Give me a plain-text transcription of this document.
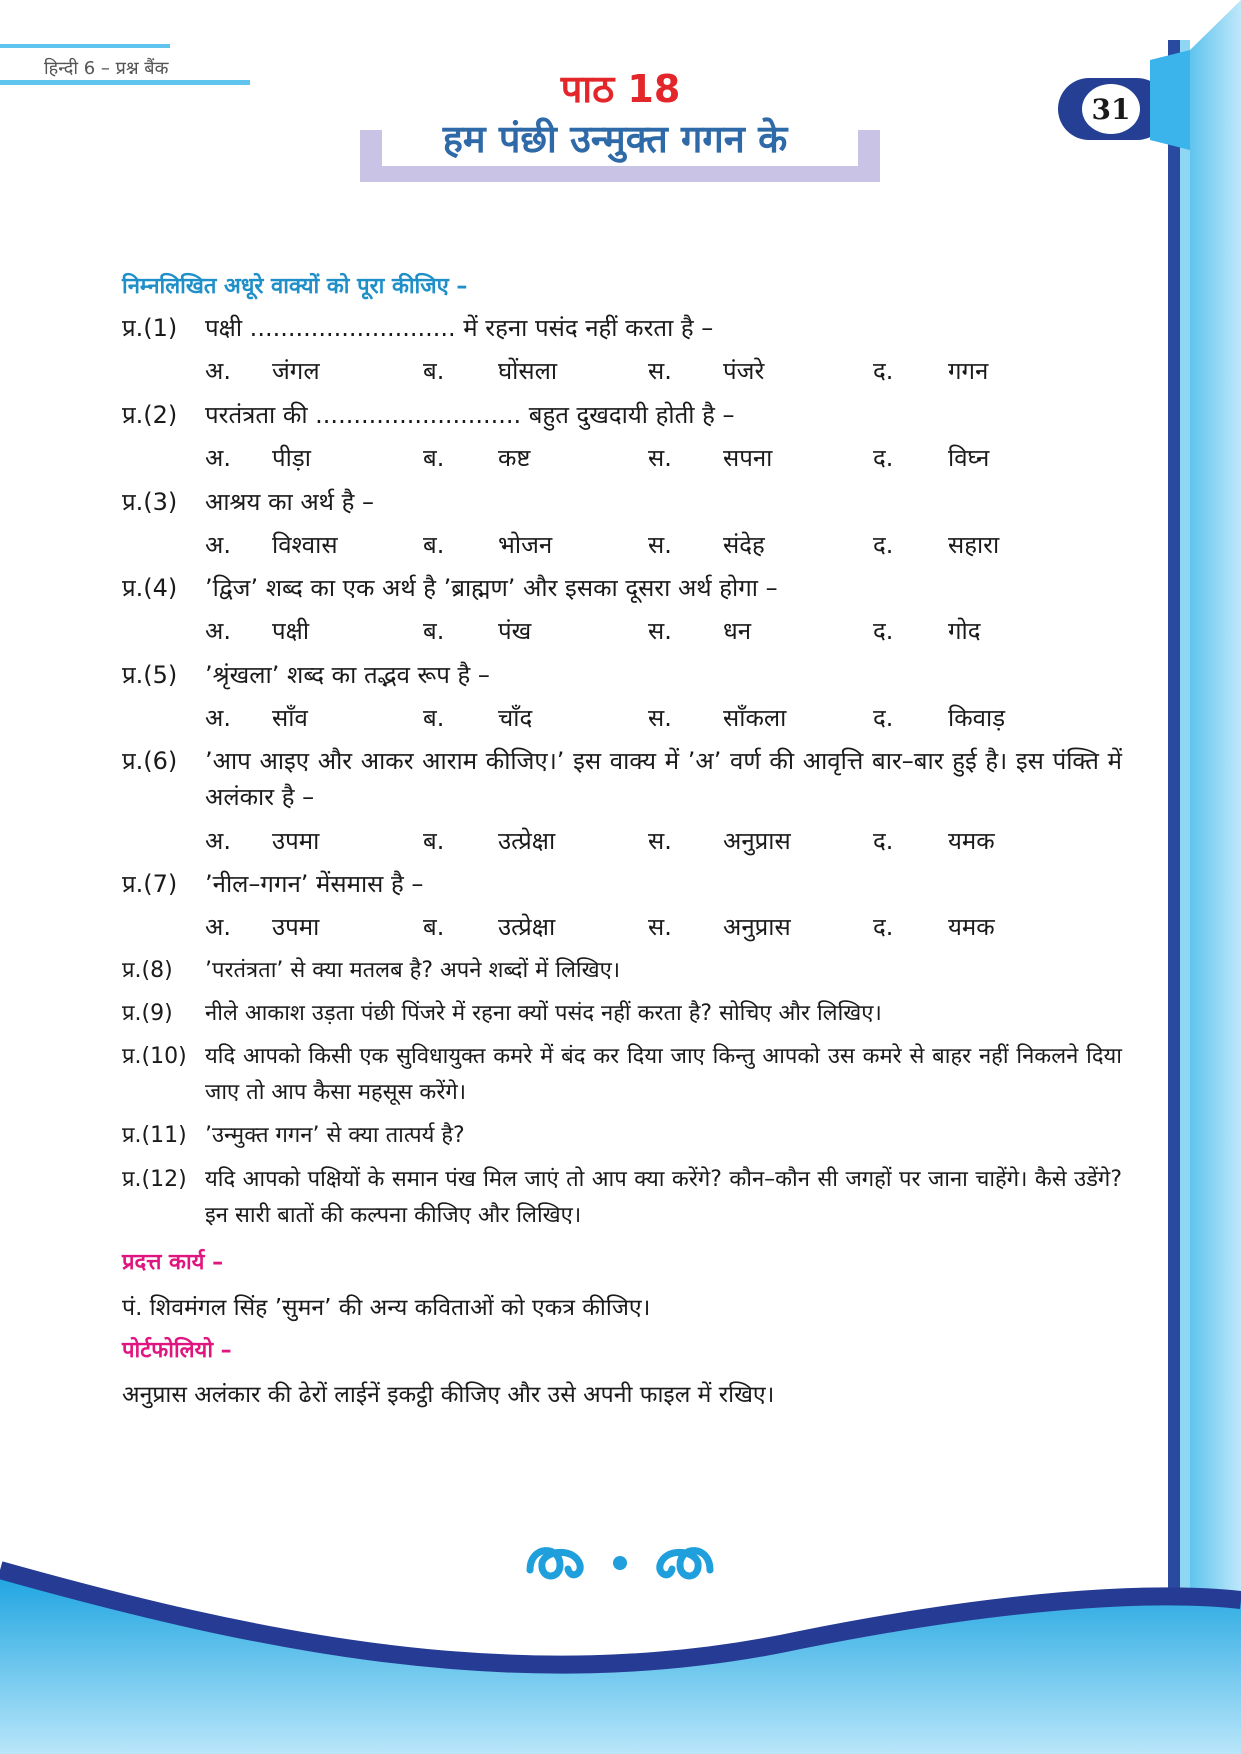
हिन्दी 6 – प्रश्न बैंक
31
पाठ 18
हम पंछी उन्मुक्त गगन के
निम्नलिखित अधूरे वाक्यों को पूरा कीजिए –
प्र.(1) पक्षी ........................... में रहना पसंद नहीं करता है –
अ. जंगल	ब. घोंसला	स. पंजरे	द. गगन
प्र.(2) परतंत्रता की ........................... बहुत दुखदायी होती है –
अ. पीड़ा	ब. कष्ट	स. सपना	द. विघ्न
प्र.(3) आश्रय का अर्थ है –
अ. विश्वास	ब. भोजन	स. संदेह	द. सहारा
प्र.(4) ’द्विज’ शब्द का एक अर्थ है ’ब्राह्मण’ और इसका दूसरा अर्थ होगा –
अ. पक्षी	ब. पंख	स. धन	द. गोद
प्र.(5) ’श्रृंखला’ शब्द का तद्भव रूप है –
अ. साँव	ब. चाँद	स. साँकला	द. किवाड़
प्र.(6) ’आप आइए और आकर आराम कीजिए।’ इस वाक्य में ’अ’ वर्ण की आवृत्ति बार–बार हुई है। इस पंक्ति में अलंकार है –
अ. उपमा	ब. उत्प्रेक्षा	स. अनुप्रास	द. यमक
प्र.(7) ’नील–गगन’ मेंसमास है –
अ. उपमा	ब. उत्प्रेक्षा	स. अनुप्रास	द. यमक
प्र.(8) ’परतंत्रता’ से क्या मतलब है? अपने शब्दों में लिखिए।
प्र.(9) नीले आकाश उड़ता पंछी पिंजरे में रहना क्यों पसंद नहीं करता है? सोचिए और लिखिए।
प्र.(10) यदि आपको किसी एक सुविधायुक्त कमरे में बंद कर दिया जाए किन्तु आपको उस कमरे से बाहर नहीं निकलने दिया जाए तो आप कैसा महसूस करेंगे।
प्र.(11) ’उन्मुक्त गगन’ से क्या तात्पर्य है?
प्र.(12) यदि आपको पक्षियों के समान पंख मिल जाएं तो आप क्या करेंगे? कौन–कौन सी जगहों पर जाना चाहेंगे। कैसे उडेंगे? इन सारी बातों की कल्पना कीजिए और लिखिए।
प्रदत्त कार्य –
पं. शिवमंगल सिंह ’सुमन’ की अन्य कविताओं को एकत्र कीजिए।
पोर्टफोलियो –
अनुप्रास अलंकार की ढेरों लाईनें इकट्ठी कीजिए और उसे अपनी फाइल में रखिए।
